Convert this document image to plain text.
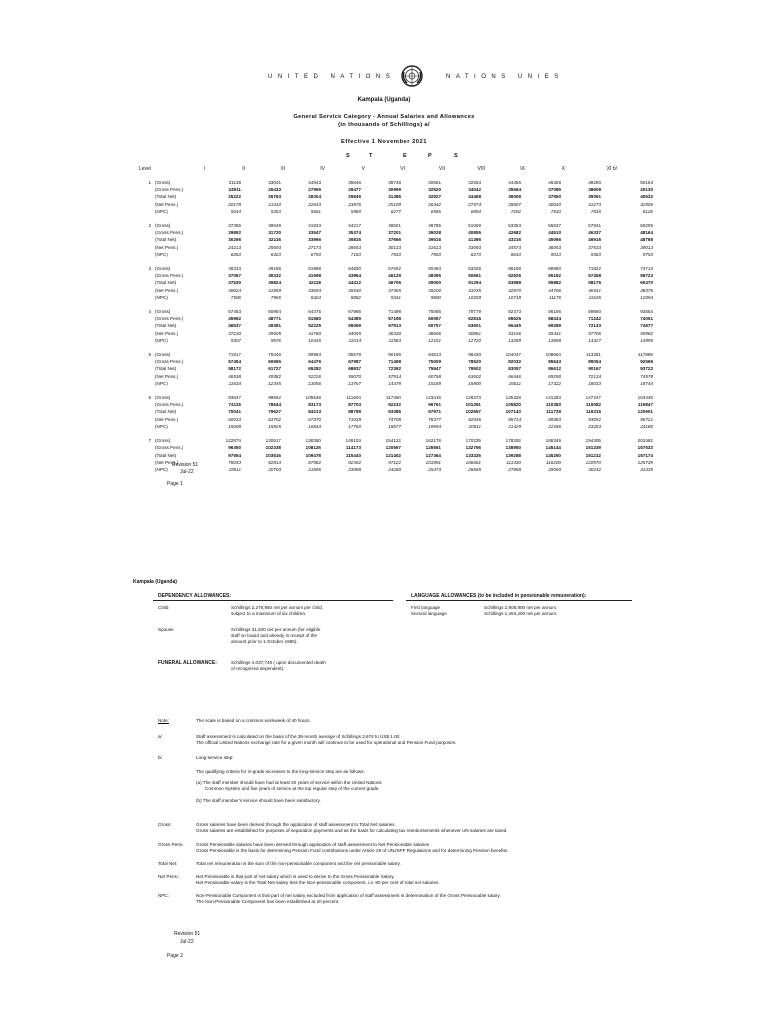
UNITED NATIONS	NATIONS UNIES
Kampala (Uganda)
General Service Category - Annual Salaries and Allowances
(in thousands of Schillings) a/
Effective 1 November 2021
S	T	E	P	S
Level	I	II	III	IV	V	VI	VII	VIII	IX	X	XI b/
1	(Gross)	31138	33041	34943	36846	38748	40651	42553	44456	46358	48260	50163
	(Gross Pens.)	24911	26433	27955	29477	30999	32520	34042	35564	37086	38608	40130
	(Total Net)	25222	26763	28304	29845	31386	32927	34468	36009	37550	39091	40632
	(Net Pens.)	20178	21410	22643	23876	25109	26342	27574	28807	30040	31273	32506
	(NPC)	5044	5353	5661	5969	6277	6585	6894	7202	7510	7818	8126

2	(Gross)	37365	39649	41933	44217	46501	48785	51069	53353	55637	57921	60205
	(Gross Pens.)	29892	31720	33547	35374	37201	39028	40855	42682	44510	46337	48164
	(Total Net)	30266	32116	33966	35816	37666	39516	41366	43216	45066	46916	48766
	(Net Pens.)	24213	25693	27173	28653	30133	31613	33093	34573	36053	37533	39013
	(NPC)	6053	6423	6793	7163	7533	7903	8273	8643	9013	9383	9753

3	(Gross)	46333	49165	51998	54830	57662	60494	63326	66158	68990	71822	74713
	(Gross Pens.)	37067	39332	41598	43864	46129	48395	50661	52926	55192	57458	59723
	(Total Net)	37530	39824	42118	44412	46706	49000	51294	53588	55882	58176	60470
	(Net Pens.)	30024	31859	33694	35530	37365	39200	41035	42870	44706	46541	48376
	(NPC)	7506	7965	8424	8882	9341	9800	10259	10718	11176	11635	12094

4	(Gross)	57453	60964	64475	67986	71498	75086	78779	82473	86166	89860	93554
	(Gross Pens.)	45962	48771	51580	54389	57198	60067	62816	65625	68434	71242	74051
	(Total Net)	46537	49381	52225	55069	57913	60757	63601	66445	69289	72133	74977
	(Net Pens.)	37230	39505	41780	44055	46330	48606	50881	53156	55431	57706	59982
	(NPC)	9307	9876	10445	11014	11583	12151	12720	13289	13858	14427	14995

5	(Gross)	71817	76346	80963	85579	90196	94813	99430	104047	108664	113281	117898
	(Gross Pens.)	57454	60965	64476	67987	71498	75009	78520	82032	85543	89054	92565
	(Total Net)	58172	61727	65282	68837	72392	75947	79502	83057	86612	90167	93722
	(Net Pens.)	46538	49382	52226	55070	57914	60758	63602	66446	69290	72134	74978
	(NPC)	11634	12345	13056	13767	14478	15189	15900	16611	17322	18033	18744

6	(Gross)	93637	99592	105548	111504	117460	123416	129373	135328	141283	147247	153445
	(Gross Pens.)	74115	78644	83173	87703	92232	96761	101291	105820	110350	115082	119847
	(Total Net)	75041	79627	84213	88799	93385	97971	102557	107143	111729	116315	120901
	(Net Pens.)	60033	63702	67370	71039	74708	78377	82046	85714	89383	93052	96721
	(NPC)	15008	15925	16843	17760	18677	19594	20511	21429	22346	23263	24180

7	(Gross)	122874	130617	138360	146103	154122	162178	170235	178292	186349	194405	202462
	(Gross Pens.)	96350	102338	108126	114173	120567	126561	132756	138950	145144	151339	157533
	(Total Net)	97554	103516	109478	115440	121402	127364	133326	139288	145250	151212	157174
	(Net Pens.)	78043	82813	87582	92352	97122	101891	106661	111430	116200	120970	125739
	(NPC)	19511	20703	21896	23088	24280	25473	26665	27858	29050	30242	31435
Revision 51
Jul-22
Page 1
Kampala (Uganda)
DEPENDENCY ALLOWANCES:
Child	Schillings 2,279,950 net per annum per child,
subject to a maximum of six children.
Spouse	Schillings 31,620 net per annum (for eligible
staff on board and already in receipt of the
amount prior to 1 October 1986).
FUNERAL ALLOWANCE:	Schillings 4,037,749 ( upon documented death
of recognized dependent).
LANGUAGE ALLOWANCES (to be included in pensionable remuneration):
First language	Schillings 2,908,800 net per annum.
Second language	Schillings 1,454,200 net per annum.
Note:	The scale is based on a common workweek of 40 hours.
a/	Staff assessment is calculated on the basis of the 36-month average of Schillings 3,676 to US$ 1.00.
The official United Nations exchange rate for a given month will continue to be used for operational and Pension Fund purposes.
b/	Long-service step:
The qualifying criteria for in-grade increases to the long-service step are as follows:
(a) The staff member should have had at least 20 years of service within the United Nations
Common System and five years of service at the top regular step of the current grade.
(b) The staff member's service should have been satisfactory.
Gross:	Gross salaries have been derived through the application of staff assessment to Total Net salaries.
Gross salaries are established for purposes of separation payments and as the basis for calculating tax reimbursements whenever UN salaries are taxed.
Gross Pens.: Gross Pensionable salaries have been derived through application of staff assessment to Net Pensionable salaries.
Gross Pensionable is the basis for determining Pension Fund contributions under Article 25 of UNJSPF Regulations and for determining Pension benefits.
Total Net:	Total net remuneration is the sum of the non-pensionable component and the net pensionable salary.
Net Pens.:	Net Pensionable is that part of net salary which is used to derive to the Gross Pensionable Salary.
Net Pensionable salary is the Total Net salary less the Non-pensionable component, i.e. 80 per cent of total net salaries.
NPC:	Non-Pensionable Component is that part of net salary excluded from application of staff assessment in determination of the Gross Pensionable salary.
The Non-Pensionable Component has been established at 20 percent.
Revision 51
Jul-22
Page 2
